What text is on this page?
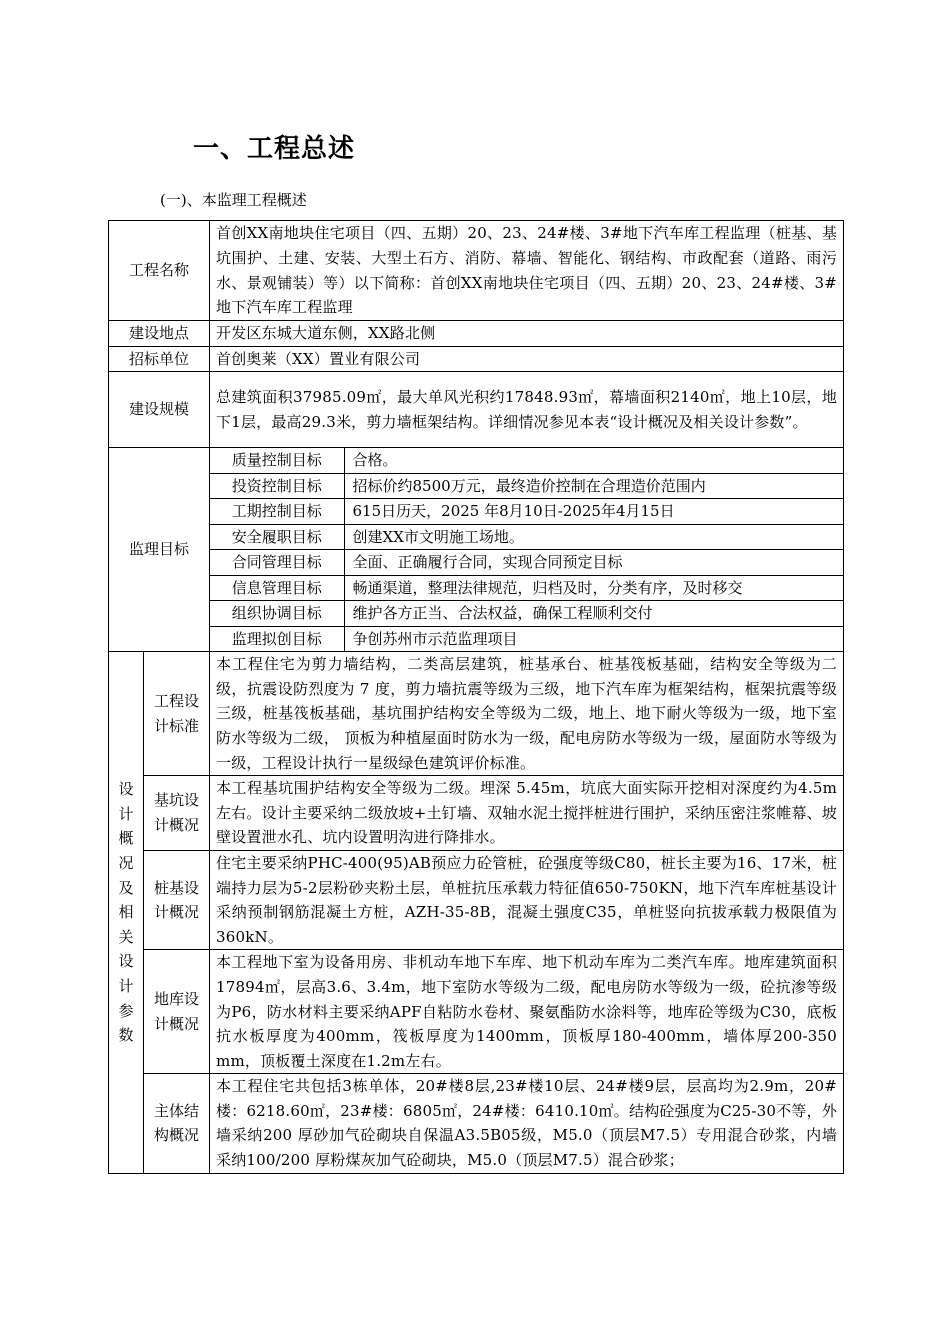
一、工程总述
(一)、本监理工程概述
工程名称	首创XX南地块住宅项目（四、五期）20、23、24#楼、3#地下汽车库工程监理（桩基、基坑围护、土建、安装、大型土石方、消防、幕墙、智能化、钢结构、市政配套（道路、雨污水、景观铺装）等）以下简称：首创XX南地块住宅项目（四、五期）20、23、24#楼、3#地下汽车库工程监理
建设地点	开发区东城大道东侧，XX路北侧
招标单位	首创奥莱（XX）置业有限公司
建设规模	总建筑面积37985.09㎡，最大单风光积约17848.93㎡，幕墙面积2140㎡，地上10层，地下1层，最高29.3米，剪力墙框架结构。详细情况参见本表“设计概况及相关设计参数”。
监理目标	
质量控制目标	合格。
投资控制目标	招标价约8500万元，最终造价控制在合理造价范围内
工期控制目标	615日历天，2025 年8月10日-2025年4月15日
安全履职目标	创建XX市文明施工场地。
合同管理目标	全面、正确履行合同，实现合同预定目标
信息管理目标	畅通渠道，整理法律规范，归档及时，分类有序，及时移交
组织协调目标	维护各方正当、合法权益，确保工程顺利交付
监理拟创目标	争创苏州市示范监理项目

设计概况及相关设计参数	工程设计标准	本工程住宅为剪力墙结构，二类高层建筑，桩基承台、桩基筏板基础，结构安全等级为二级，抗震设防烈度为 7 度，剪力墙抗震等级为三级，地下汽车库为框架结构，框架抗震等级三级，桩基筏板基础，基坑围护结构安全等级为二级，地上、地下耐火等级为一级，地下室防水等级为二级， 顶板为种植屋面时防水为一级，配电房防水等级为一级，屋面防水等级为一级，工程设计执行一星级绿色建筑评价标准。
基坑设计概况	本工程基坑围护结构安全等级为二级。埋深 5.45m，坑底大面实际开挖相对深度约为4.5m左右。设计主要采纳二级放坡+土钉墙、双轴水泥土搅拌桩进行围护，采纳压密注浆帷幕、坡壁设置泄水孔、坑内设置明沟进行降排水。
桩基设计概况	住宅主要采纳PHC-400(95)AB预应力砼管桩，砼强度等级C80，桩长主要为16、17米，桩端持力层为5-2层粉砂夹粉土层，单桩抗压承载力特征值650-750KN，地下汽车库桩基设计采纳预制钢筋混凝土方桩，AZH-35-8B，混凝土强度C35，单桩竖向抗拔承载力极限值为360kN。
地库设计概况	本工程地下室为设备用房、非机动车地下车库、地下机动车库为二类汽车库。地库建筑面积17894㎡，层高3.6、3.4m，地下室防水等级为二级，配电房防水等级为一级，砼抗渗等级为P6，防水材料主要采纳APF自粘防水卷材、聚氨酯防水涂料等，地库砼等级为C30，底板抗水板厚度为400mm，筏板厚度为1400mm，顶板厚180-400mm，墙体厚200-350 mm，顶板覆土深度在1.2m左右。
主体结构概况	本工程住宅共包括3栋单体，20#楼8层,23#楼10层、24#楼9层，层高均为2.9m，20#楼：6218.60㎡，23#楼：6805㎡，24#楼：6410.10㎡。结构砼强度为C25-30不等，外墙采纳200 厚砂加气砼砌块自保温A3.5B05级，M5.0（顶层M7.5）专用混合砂浆，内墙采纳100/200 厚粉煤灰加气砼砌块，M5.0（顶层M7.5）混合砂浆；
